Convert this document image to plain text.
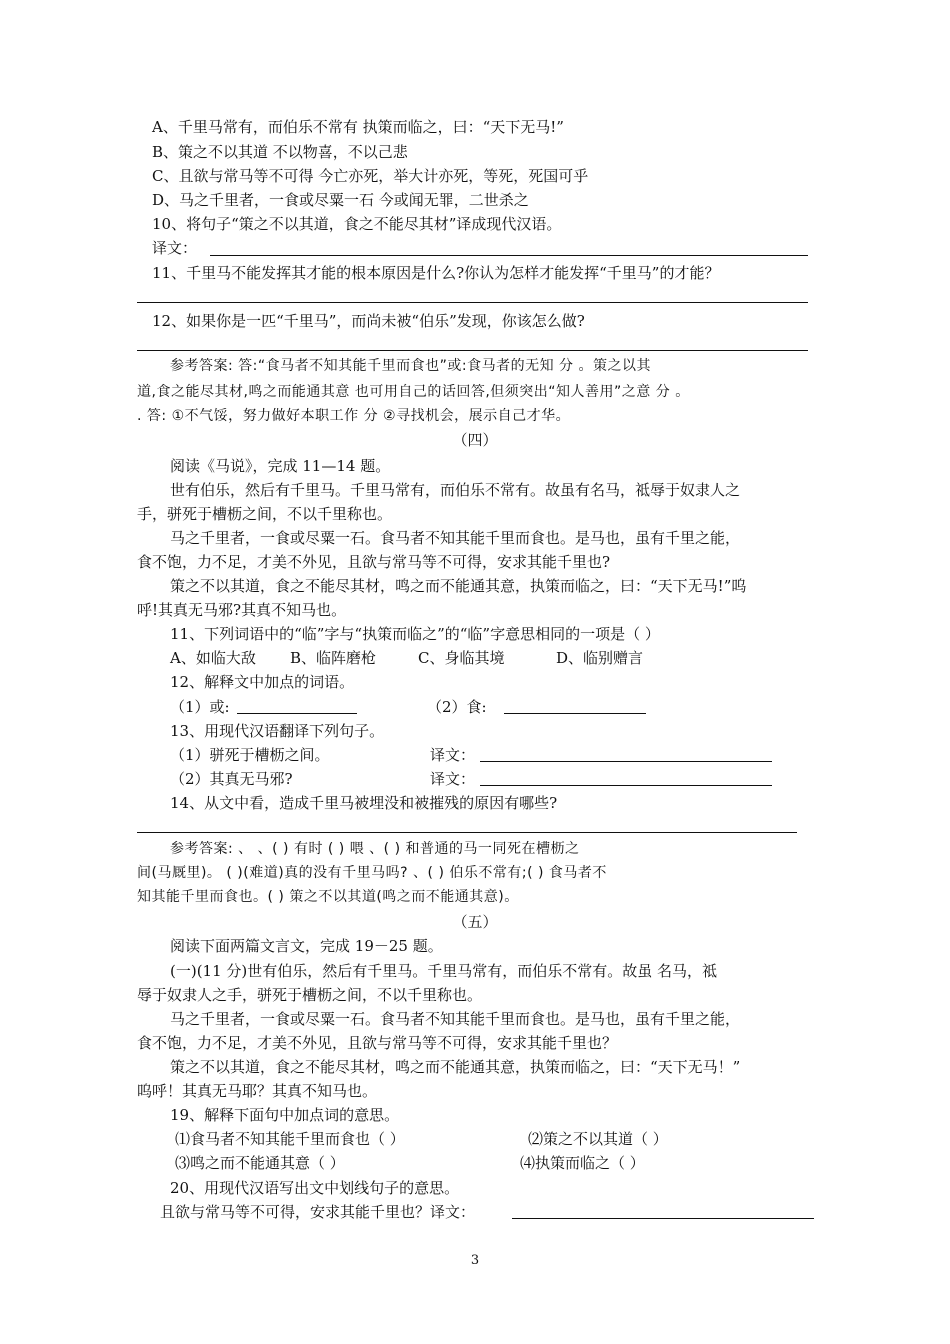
A、千里马常有，而伯乐不常有 执策而临之，曰：“天下无马!”
B、策之不以其道 不以物喜，不以己悲
C、且欲与常马等不可得 今亡亦死，举大计亦死，等死，死国可乎
D、马之千里者，一食或尽粟一石 今或闻无罪，二世杀之
10、将句子“策之不以其道，食之不能尽其材”译成现代汉语。
译文：
11、千里马不能发挥其才能的根本原因是什么?你认为怎样才能发挥“千里马”的才能？
12、如果你是一匹“千里马”，而尚未被“伯乐”发现，你该怎么做?
参考答案: 答:“食马者不知其能千里而食也”或:食马者的无知 分 。策之以其
道,食之能尽其材,鸣之而能通其意 也可用自己的话回答,但须突出“知人善用”之意 分 。
. 答: ①不气馁，努力做好本职工作 分 ②寻找机会，展示自己才华。
（四）
阅读《马说》，完成 11—14 题。
世有伯乐，然后有千里马。千里马常有，而伯乐不常有。故虽有名马，祗辱于奴隶人之
手，骈死于槽枥之间，不以千里称也。
马之千里者，一食或尽粟一石。食马者不知其能千里而食也。是马也，虽有千里之能，
食不饱，力不足，才美不外见，且欲与常马等不可得，安求其能千里也?
策之不以其道，食之不能尽其材，鸣之而不能通其意，执策而临之，曰：“天下无马!”呜
呼!其真无马邪?其真不知马也。
11、下列词语中的“临”字与“执策而临之”的“临”字意思相同的一项是（ ）
A、如临大敌 B、临阵磨枪	C、身临其境	D、临别赠言
12、解释文中加点的词语。
（1）或:	（2）食:
13、用现代汉语翻译下列句子。
（1）骈死于槽枥之间。	译文：
（2）其真无马邪?	译文：
14、从文中看，造成千里马被埋没和被摧残的原因有哪些?
参考答案: 、 、( ) 有时 ( ) 喂 、( ) 和普通的马一同死在槽枥之
间(马厩里)。 ( )(难道)真的没有千里马吗? 、( ) 伯乐不常有;( ) 食马者不
知其能千里而食也。( ) 策之不以其道(鸣之而不能通其意)。
（五）
阅读下面两篇文言文，完成 19－25 题。
(一)(11 分)世有伯乐，然后有千里马。千里马常有，而伯乐不常有。故虽 名马，祗
辱于奴隶人之手，骈死于槽枥之间，不以千里称也。
马之千里者，一食或尽粟一石。食马者不知其能千里而食也。是马也，虽有千里之能，
食不饱，力不足，才美不外见，且欲与常马等不可得，安求其能千里也？
策之不以其道，食之不能尽其材，鸣之而不能通其意，执策而临之，曰：“天下无马！”
呜呼！其真无马耶？其真不知马也。
19、解释下面句中加点词的意思。
⑴食马者不知其能千里而食也（ ）	⑵策之不以其道（ ）
⑶鸣之而不能通其意（ ）	⑷执策而临之（ ）
20、用现代汉语写出文中划线句子的意思。
且欲与常马等不可得，安求其能千里也？译文：
3
